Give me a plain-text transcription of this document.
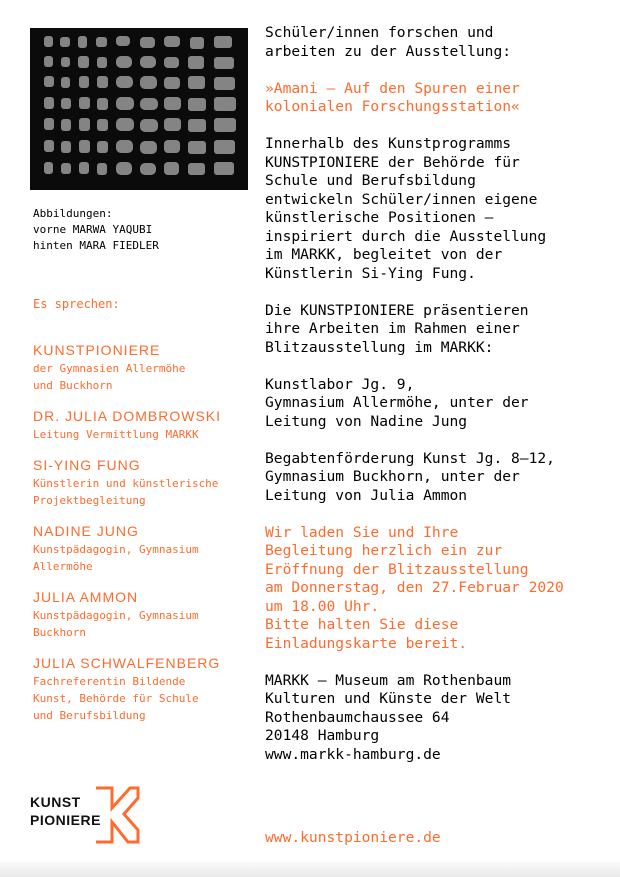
Abbildungen:
vorne MARWA YAQUBI
hinten MARA FIEDLER
Es sprechen:
KUNSTPIONIERE
der Gymnasien Allermöhe
und Buckhorn
DR. JULIA DOMBROWSKI
Leitung Vermittlung MARKK
SI-YING FUNG
Künstlerin und künstlerische
Projektbegleitung
NADINE JUNG
Kunstpädagogin, Gymnasium
Allermöhe
JULIA AMMON
Kunstpädagogin, Gymnasium
Buckhorn
JULIA SCHWALFENBERG
Fachreferentin Bildende
Kunst, Behörde für Schule
und Berufsbildung
KUNST
PIONIERE
Schüler/innen forschen und
arbeiten zu der Ausstellung:
»Amani – Auf den Spuren einer
kolonialen Forschungsstation«
Innerhalb des Kunstprogramms
KUNSTPIONIERE der Behörde für
Schule und Berufsbildung
entwickeln Schüler/innen eigene
künstlerische Positionen –
inspiriert durch die Ausstellung
im MARKK, begleitet von der
Künstlerin Si-Ying Fung.
Die KUNSTPIONIERE präsentieren
ihre Arbeiten im Rahmen einer
Blitzausstellung im MARKK:
Kunstlabor Jg. 9,
Gymnasium Allermöhe, unter der
Leitung von Nadine Jung
Begabtenförderung Kunst Jg. 8–12,
Gymnasium Buckhorn, unter der
Leitung von Julia Ammon
Wir laden Sie und Ihre
Begleitung herzlich ein zur
Eröffnung der Blitzausstellung
am Donnerstag, den 27.Februar 2020
um 18.00 Uhr.
Bitte halten Sie diese
Einladungskarte bereit.
MARKK – Museum am Rothenbaum
Kulturen und Künste der Welt
Rothenbaumchaussee 64
20148 Hamburg
www.markk-hamburg.de
www.kunstpioniere.de
